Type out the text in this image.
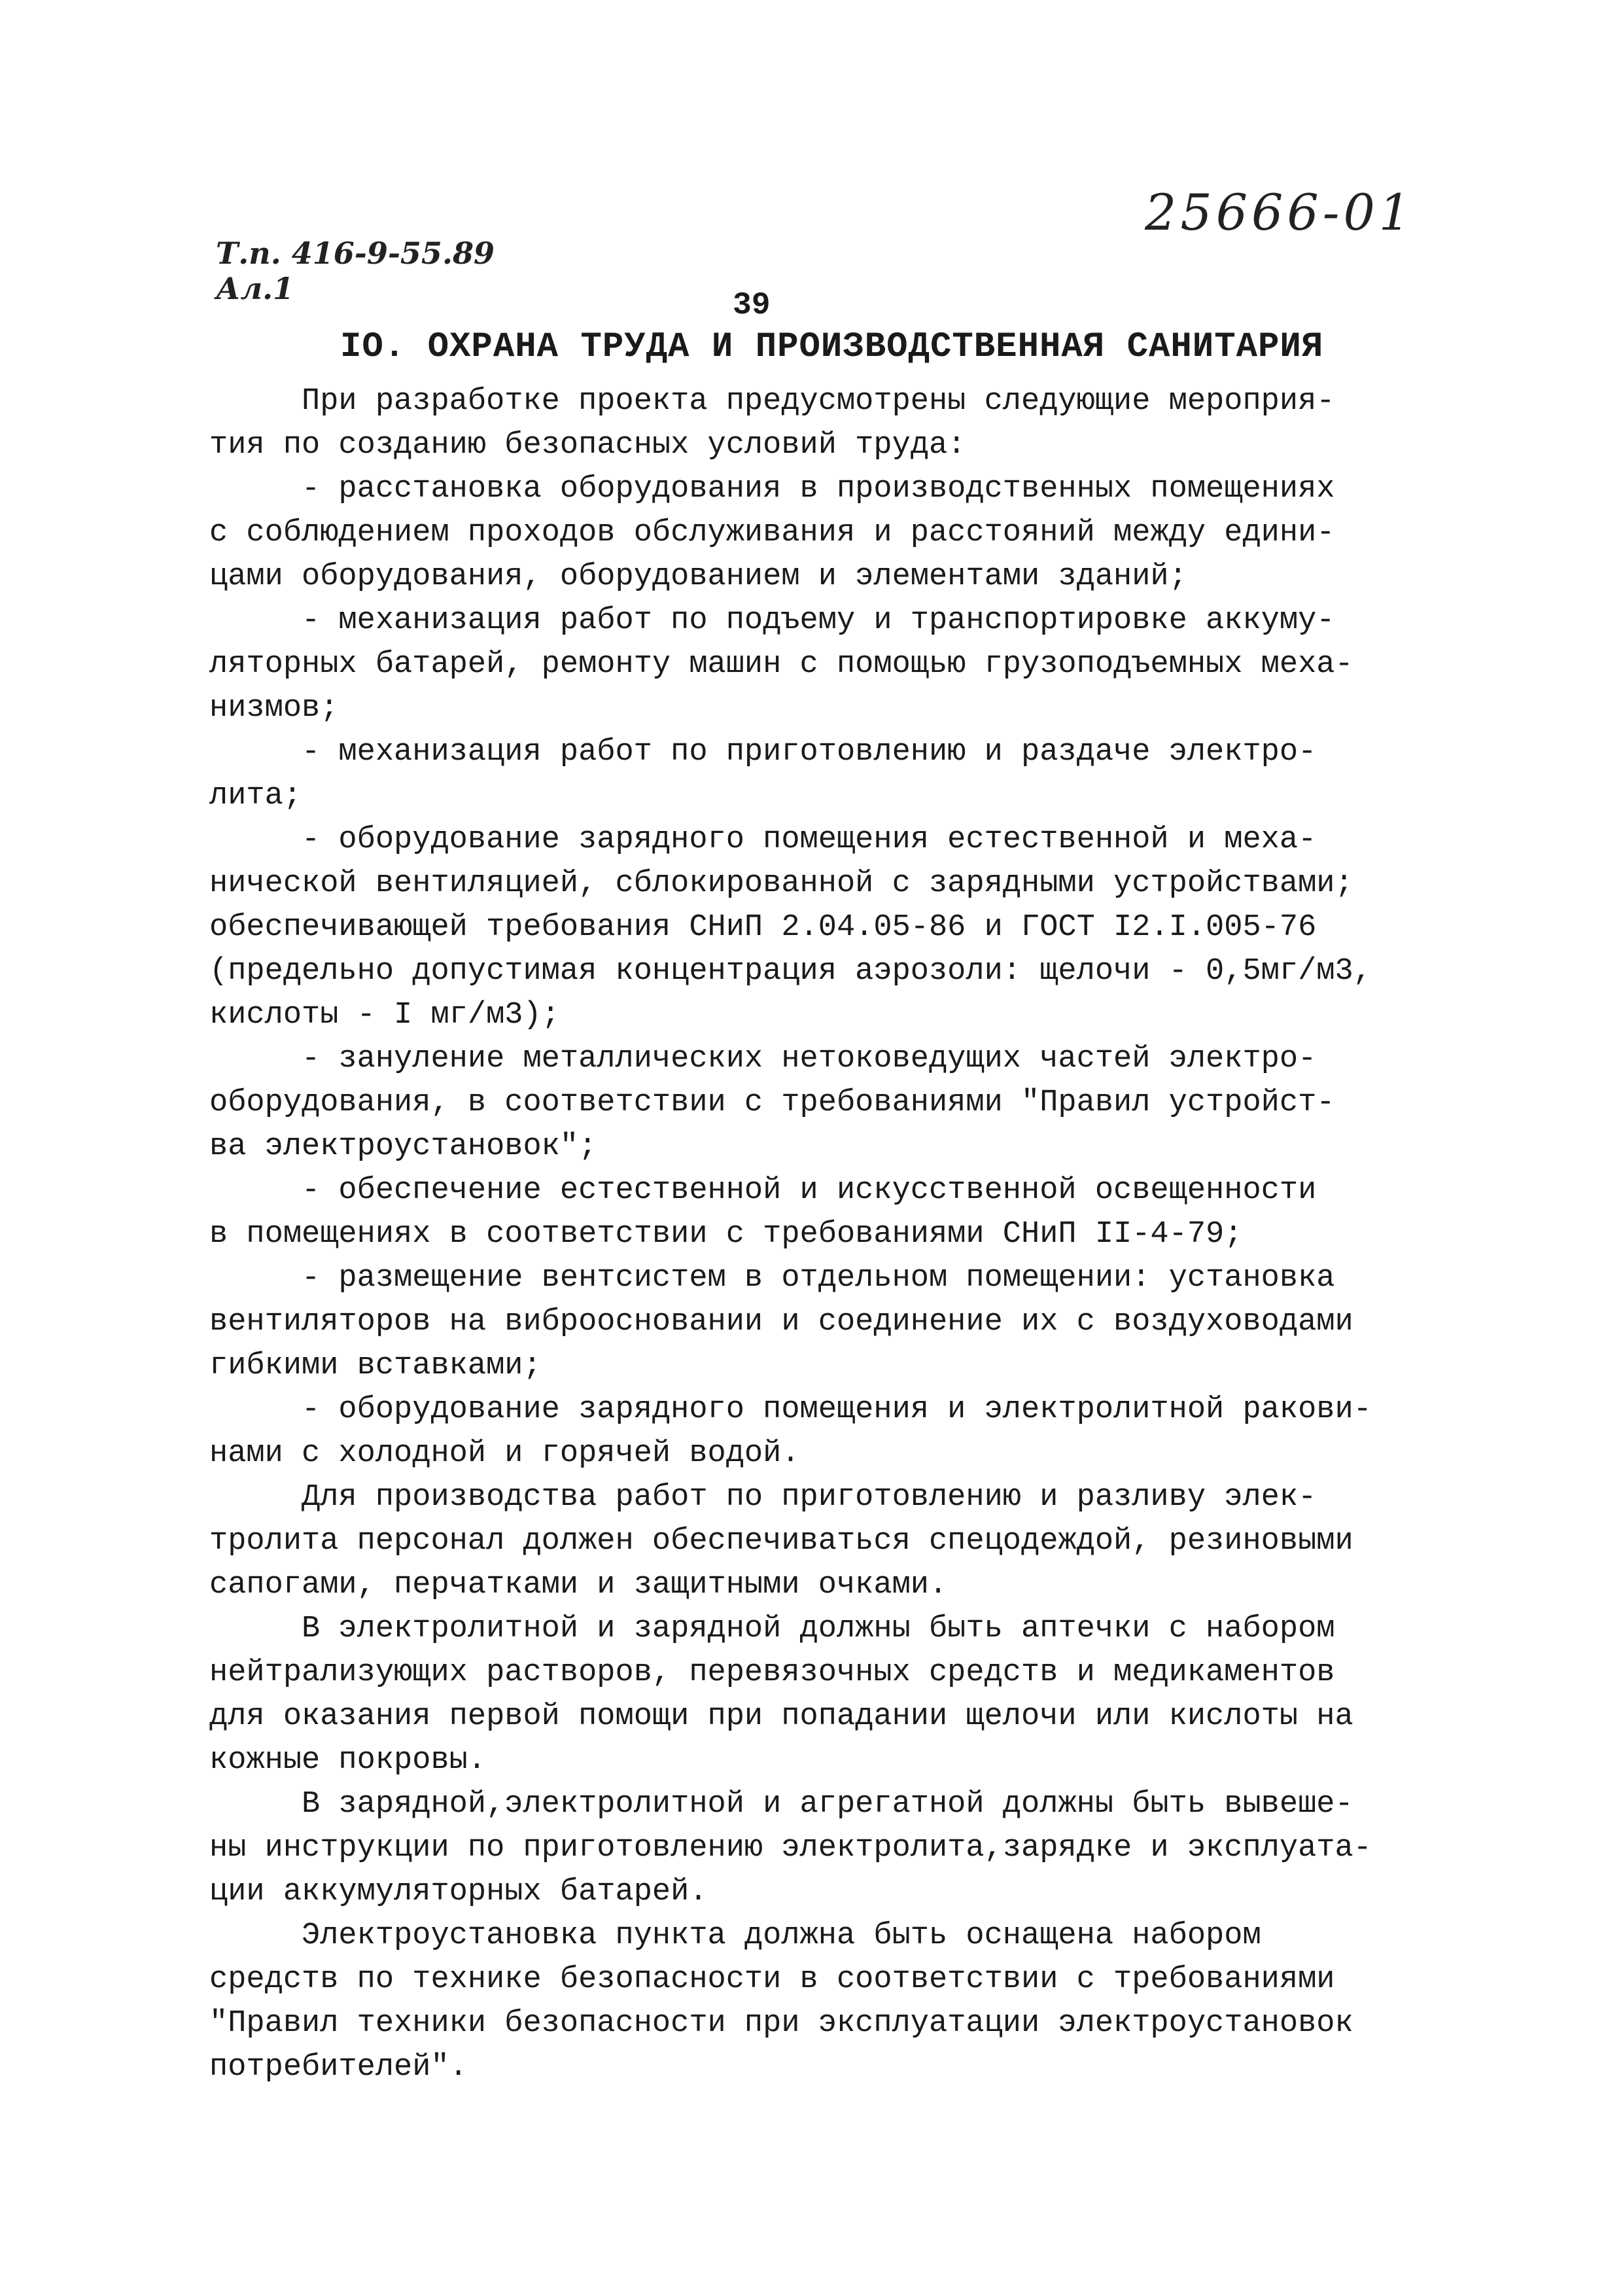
25666-01
Т.п. 416-9-55.89
Ал.1	39
IO. ОХРАНА ТРУДА И ПРОИЗВОДСТВЕННАЯ САНИТАРИЯ
При разработке проекта предусмотрены следующие мероприя-
тия по созданию безопасных условий труда:
- расстановка оборудования в производственных помещениях
с соблюдением проходов обслуживания и расстояний между едини-
цами оборудования, оборудованием и элементами зданий;
- механизация работ по подъему и транспортировке аккуму-
ляторных батарей, ремонту машин с помощью грузоподъемных меха-
низмов;
- механизация работ по приготовлению и раздаче электро-
лита;
- оборудование зарядного помещения естественной и меха-
нической вентиляцией, сблокированной с зарядными устройствами;
обеспечивающей требования СНиП 2.04.05-86 и ГОСТ I2.I.005-76
(предельно допустимая концентрация аэрозоли: щелочи - 0,5мг/м3,
кислоты - I мг/м3);
- зануление металлических нетоковедущих частей электро-
оборудования, в соответствии с требованиями "Правил устройст-
ва электроустановок";
- обеспечение естественной и искусственной освещенности
в помещениях в соответствии с требованиями СНиП II-4-79;
- размещение вентсистем в отдельном помещении: установка
вентиляторов на виброосновании и соединение их с воздуховодами
гибкими вставками;
- оборудование зарядного помещения и электролитной ракови-
нами с холодной и горячей водой.
Для производства работ по приготовлению и разливу элек-
тролита персонал должен обеспечиваться спецодеждой, резиновыми
сапогами, перчатками и защитными очками.
В электролитной и зарядной должны быть аптечки с набором
нейтрализующих растворов, перевязочных средств и медикаментов
для оказания первой помощи при попадании щелочи или кислоты на
кожные покровы.
В зарядной,электролитной и агрегатной должны быть вывеше-
ны инструкции по приготовлению электролита,зарядке и эксплуата-
ции аккумуляторных батарей.
Электроустановка пункта должна быть оснащена набором
средств по технике безопасности в соответствии с требованиями
"Правил техники безопасности при эксплуатации электроустановок
потребителей".
